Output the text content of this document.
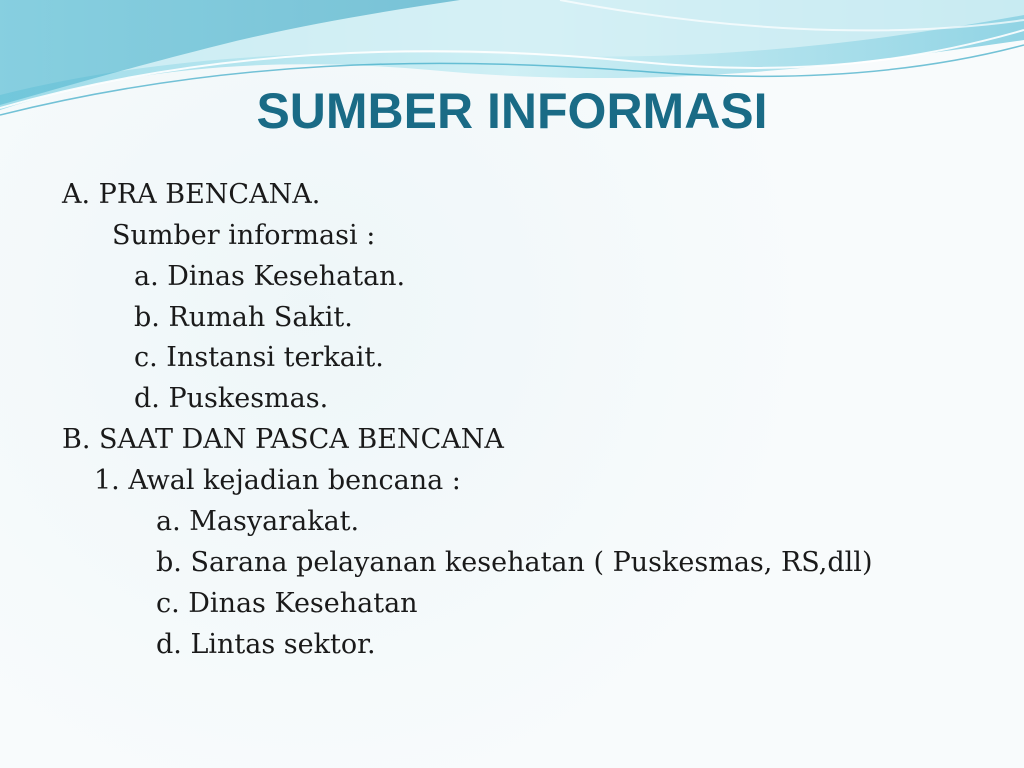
SUMBER INFORMASI
A. PRA BENCANA.
Sumber informasi :
a. Dinas Kesehatan.
b. Rumah Sakit.
c. Instansi terkait.
d. Puskesmas.
B. SAAT DAN PASCA BENCANA
1. Awal kejadian bencana :
a. Masyarakat.
b. Sarana pelayanan kesehatan ( Puskesmas, RS,dll)
c. Dinas Kesehatan
d. Lintas sektor.
